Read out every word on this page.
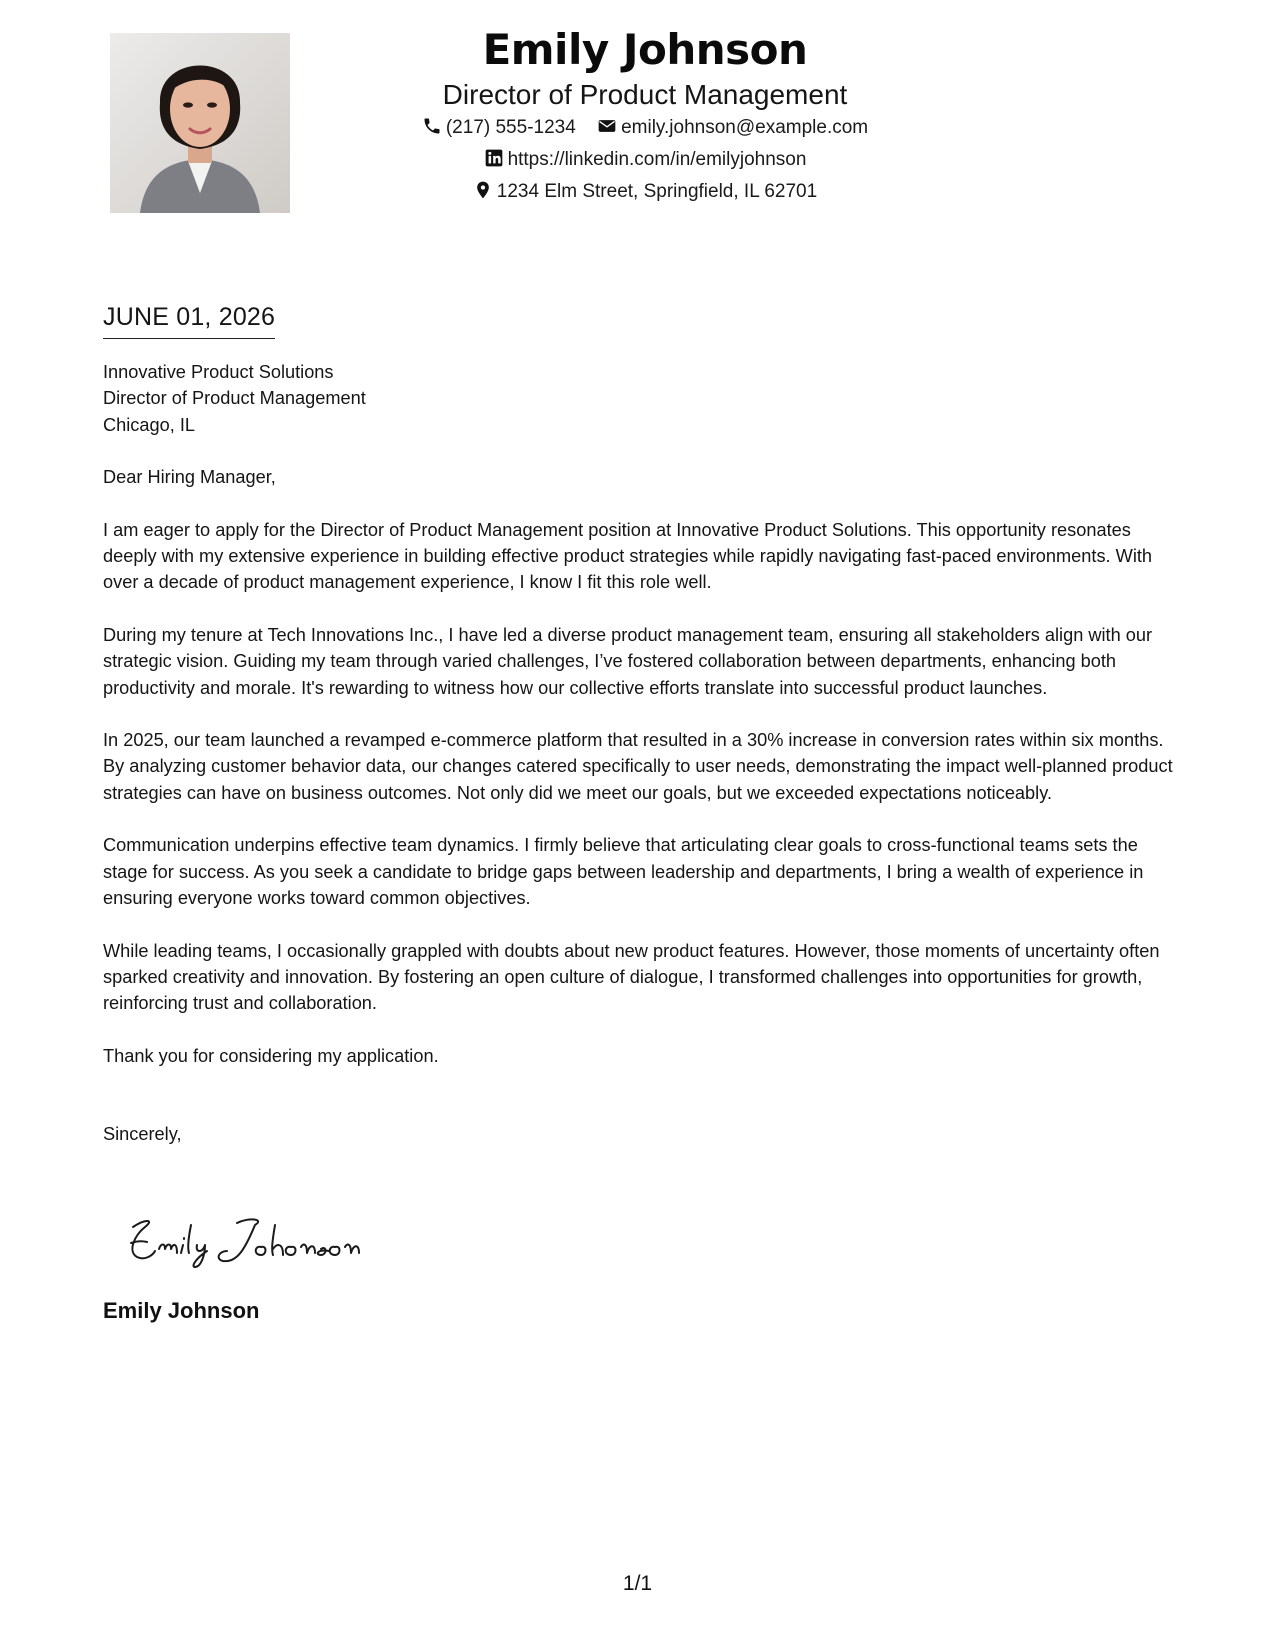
Emily Johnson
Director of Product Management
(217) 555-1234 emily.johnson@example.com
https://linkedin.com/in/emilyjohnson
1234 Elm Street, Springfield, IL 62701
JUNE 01, 2026
Innovative Product Solutions
Director of Product Management
Chicago, IL

Dear Hiring Manager,

I am eager to apply for the Director of Product Management position at Innovative Product Solutions. This opportunity resonates deeply with my extensive experience in building effective product strategies while rapidly navigating fast-paced environments. With over a decade of product management experience, I know I fit this role well.

During my tenure at Tech Innovations Inc., I have led a diverse product management team, ensuring all stakeholders align with our strategic vision. Guiding my team through varied challenges, I’ve fostered collaboration between departments, enhancing both productivity and morale. It's rewarding to witness how our collective efforts translate into successful product launches.

In 2025, our team launched a revamped e-commerce platform that resulted in a 30% increase in conversion rates within six months. By analyzing customer behavior data, our changes catered specifically to user needs, demonstrating the impact well-planned product strategies can have on business outcomes. Not only did we meet our goals, but we exceeded expectations noticeably.

Communication underpins effective team dynamics. I firmly believe that articulating clear goals to cross-functional teams sets the stage for success. As you seek a candidate to bridge gaps between leadership and departments, I bring a wealth of experience in ensuring everyone works toward common objectives.

While leading teams, I occasionally grappled with doubts about new product features. However, those moments of uncertainty often sparked creativity and innovation. By fostering an open culture of dialogue, I transformed challenges into opportunities for growth, reinforcing trust and collaboration.

Thank you for considering my application.

Sincerely,
Emily Johnson
1/1
